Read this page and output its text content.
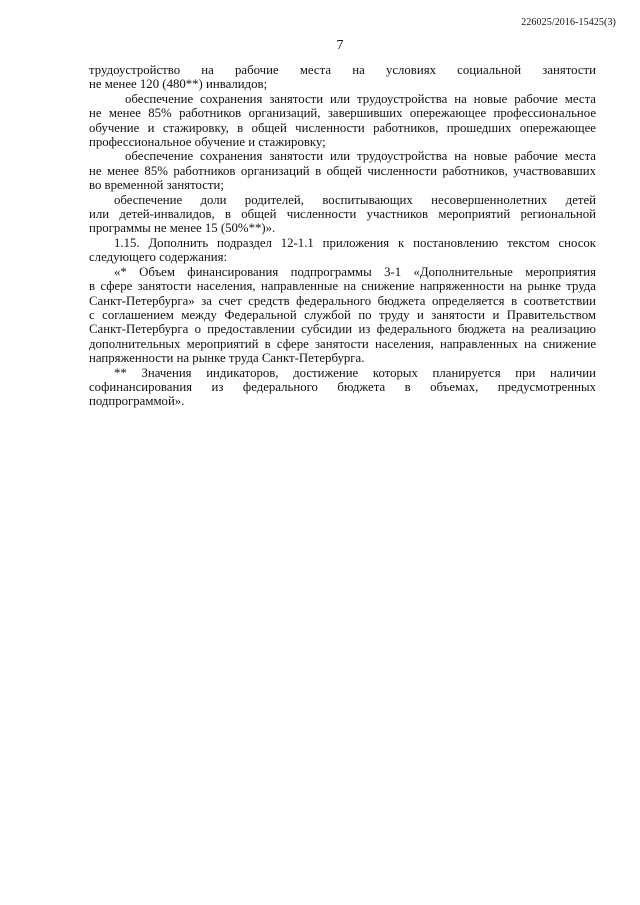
226025/2016-15425(3)
7
трудоустройство на рабочие места на условиях социальной занятости
не менее 120 (480**) инвалидов;
обеспечение сохранения занятости или трудоустройства на новые рабочие места
не менее 85% работников организаций, завершивших опережающее профессиональное
обучение и стажировку, в общей численности работников, прошедших опережающее
профессиональное обучение и стажировку;
обеспечение сохранения занятости или трудоустройства на новые рабочие места
не менее 85% работников организаций в общей численности работников, участвовавших
во временной занятости;
обеспечение доли родителей, воспитывающих несовершеннолетних детей
или детей-инвалидов, в общей численности участников мероприятий региональной
программы не менее 15 (50%**)».
1.15. Дополнить подраздел 12-1.1 приложения к постановлению текстом сносок
следующего содержания:
«* Объем финансирования подпрограммы 3-1 «Дополнительные мероприятия
в сфере занятости населения, направленные на снижение напряженности на рынке труда
Санкт-Петербурга» за счет средств федерального бюджета определяется в соответствии
с соглашением между Федеральной службой по труду и занятости и Правительством
Санкт-Петербурга о предоставлении субсидии из федерального бюджета на реализацию
дополнительных мероприятий в сфере занятости населения, направленных на снижение
напряженности на рынке труда Санкт-Петербурга.
** Значения индикаторов, достижение которых планируется при наличии
софинансирования из федерального бюджета в объемах, предусмотренных
подпрограммой».
